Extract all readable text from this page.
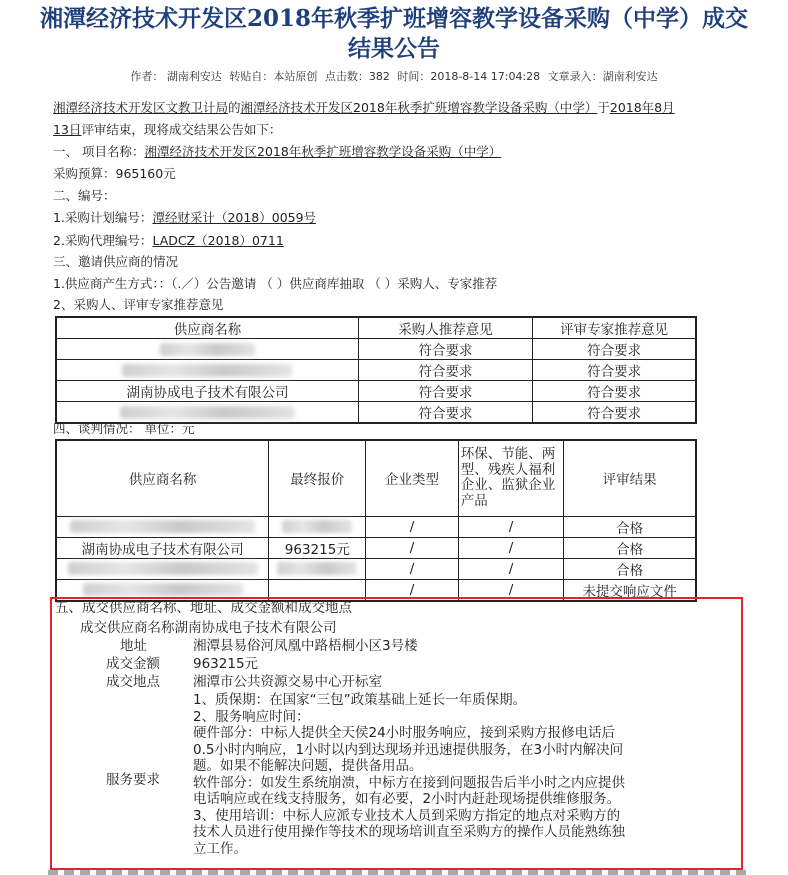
湘潭经济技术开发区2018年秋季扩班增容教学设备采购（中学）成交
结果公告
作者： 湖南利安达 转贴自：本站原创 点击数：382 时间：2018-8-14 17:04:28 文章录入：湖南利安达
湘潭经济技术开发区文教卫计局的湘潭经济技术开发区2018年秋季扩班增容教学设备采购（中学）于2018年8月
13日评审结束，现将成交结果公告如下：
一、 项目名称：湘潭经济技术开发区2018年秋季扩班增容教学设备采购（中学）
采购预算：965160元
二、编号：
1.采购计划编号：潭经财采计（2018）0059号
2.采购代理编号：LADCZ（2018）0711
三、邀请供应商的情况
1.供应商产生方式：：（.／）公告邀请 （ ）供应商库抽取 （ ）采购人、专家推荐
2、采购人、评审专家推荐意见
供应商名称	采购人推荐意见	评审专家推荐意见
	符合要求	符合要求
	符合要求	符合要求
湖南协成电子技术有限公司	符合要求	符合要求
	符合要求	符合要求
四、谈判情况： 单位：元
供应商名称	最终报价	企业类型	环保、节能、两型、残疾人福利企业、监狱企业产品	评审结果
		/	/	合格
湖南协成电子技术有限公司	963215元	/	/	合格
		/	/	合格
		/	/	未提交响应文件
五、成交供应商名称、地址、成交金额和成交地点
成交供应商名称湖南协成电子技术有限公司
地址	湘潭县易俗河凤凰中路梧桐小区3号楼
成交金额 963215元
成交地点 湘潭市公共资源交易中心开标室
服务要求
1、质保期：在国家“三包”政策基础上延长一年质保期。
2、服务响应时间：
硬件部分：中标人提供全天侯24小时服务响应，接到采购方报修电话后
0.5小时内响应，1小时以内到达现场并迅速提供服务，在3小时内解决问
题。如果不能解决问题，提供备用品。
软件部分：如发生系统崩溃，中标方在接到问题报告后半小时之内应提供
电话响应或在线支持服务，如有必要，2小时内赶赴现场提供维修服务。
3、使用培训：中标人应派专业技术人员到采购方指定的地点对采购方的
技术人员进行使用操作等技术的现场培训直至采购方的操作人员能熟练独
立工作。
